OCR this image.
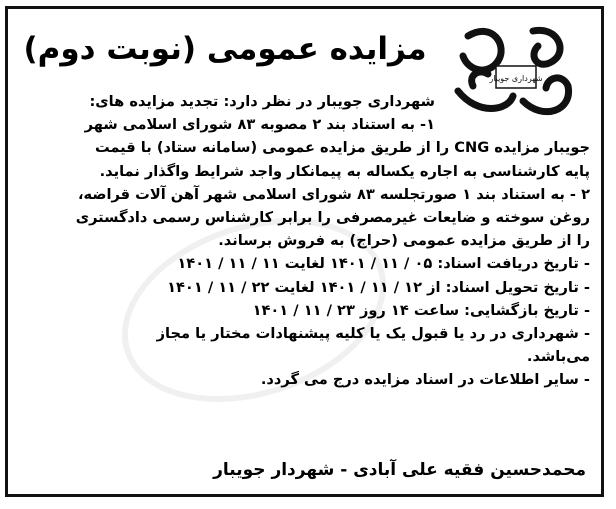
شهرداری جویبار
مزایده عمومی (نوبت دوم)
شهرداری جویبار در نظر دارد: تجدید مزایده های:
۱- به استناد بند ۲ مصوبه ۸۳ شورای اسلامی شهر
جویبار مزایده CNG را از طریق مزایده عمومی (سامانه ستاد) با قیمت
پایه کارشناسی به اجاره یکساله به پیمانکار واجد شرایط واگذار نماید.
۲ - به استناد بند ۱ صورتجلسه ۸۳ شورای اسلامی شهر آهن آلات قراضه،
روغن سوخته و ضایعات غیرمصرفی را برابر کارشناس رسمی دادگستری
را از طریق مزایده عمومی (حراج) به فروش برساند.
- تاریخ دریافت اسناد: ۰۵ / ۱۱ / ۱۴۰۱ لغایت ۱۱ / ۱۱ / ۱۴۰۱
- تاریخ تحویل اسناد: از ۱۲ / ۱۱ / ۱۴۰۱ لغایت ۲۲ / ۱۱ / ۱۴۰۱
- تاریخ بازگشایی: ساعت ۱۴ روز ۲۳ / ۱۱ / ۱۴۰۱
- شهرداری در رد یا قبول یک یا کلیه پیشنهادات مختار یا مجاز
می‌باشد.
- سایر اطلاعات در اسناد مزایده درج می گردد.
محمدحسین فقیه علی آبادی - شهردار جویبار
